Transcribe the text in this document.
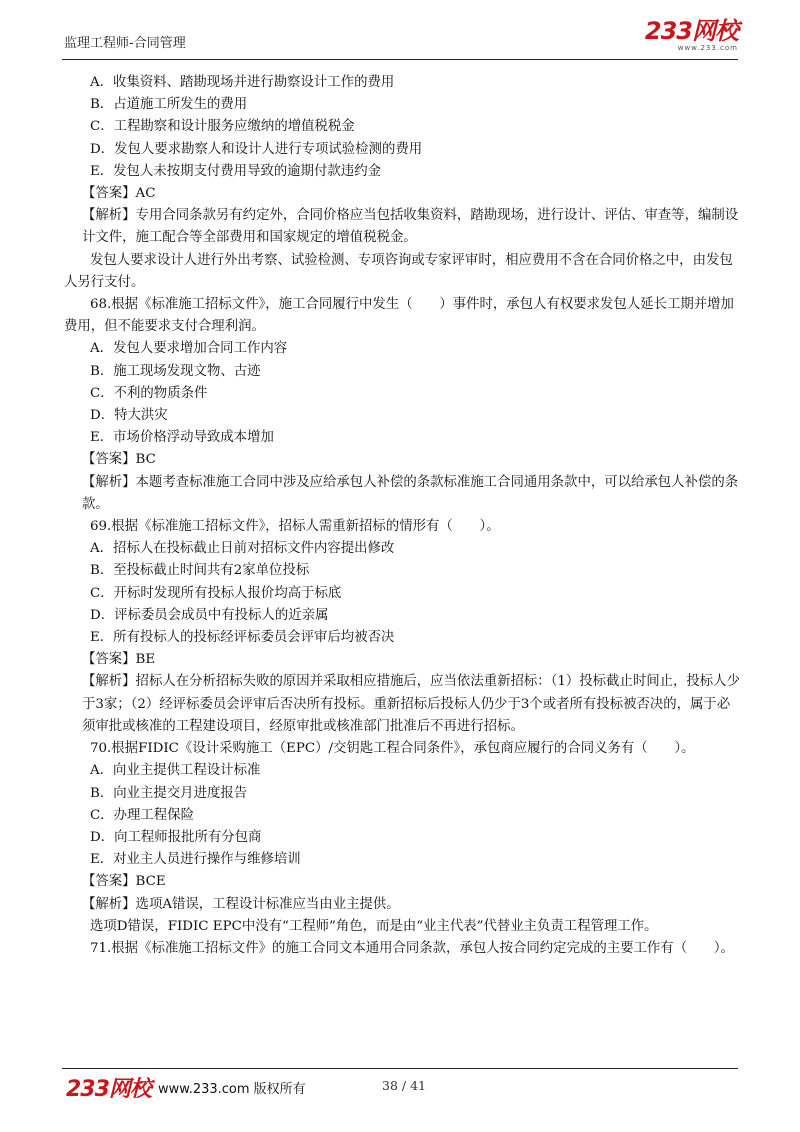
监理工程师-合同管理	233网校
www.233.com

A．收集资料、踏勘现场并进行勘察设计工作的费用

B．占道施工所发生的费用

C．工程勘察和设计服务应缴纳的增值税税金

D．发包人要求勘察人和设计人进行专项试验检测的费用

E．发包人未按期支付费用导致的逾期付款违约金

【答案】AC

【解析】专用合同条款另有约定外，合同价格应当包括收集资料，踏勘现场，进行设计、评估、审查等，编制设计文件，施工配合等全部费用和国家规定的增值税税金。

发包人要求设计人进行外出考察、试验检测、专项咨询或专家评审时，相应费用不含在合同价格之中，由发包人另行支付。

68.根据《标准施工招标文件》，施工合同履行中发生（　　）事件时，承包人有权要求发包人延长工期并增加费用，但不能要求支付合理利润。

A．发包人要求增加合同工作内容

B．施工现场发现文物、古迹

C．不利的物质条件

D．特大洪灾

E．市场价格浮动导致成本增加

【答案】BC

【解析】本题考查标准施工合同中涉及应给承包人补偿的条款标准施工合同通用条款中，可以给承包人补偿的条款。

69.根据《标准施工招标文件》，招标人需重新招标的情形有（　　）。

A．招标人在投标截止日前对招标文件内容提出修改

B．至投标截止时间共有2家单位投标

C．开标时发现所有投标人报价均高于标底

D．评标委员会成员中有投标人的近亲属

E．所有投标人的投标经评标委员会评审后均被否决

【答案】BE

【解析】招标人在分析招标失败的原因并采取相应措施后，应当依法重新招标：（1）投标截止时间止，投标人少于3家；（2）经评标委员会评审后否决所有投标。重新招标后投标人仍少于3个或者所有投标被否决的，属于必须审批或核准的工程建设项目，经原审批或核准部门批准后不再进行招标。

70.根据FIDIC《设计采购施工（EPC）/交钥匙工程合同条件》，承包商应履行的合同义务有（　　）。

A．向业主提供工程设计标准

B．向业主提交月进度报告

C．办理工程保险

D．向工程师报批所有分包商

E．对业主人员进行操作与维修培训

【答案】BCE

【解析】选项A错误，工程设计标准应当由业主提供。

选项D错误，FIDIC EPC中没有“工程师”角色，而是由“业主代表”代替业主负责工程管理工作。

71.根据《标准施工招标文件》的施工合同文本通用合同条款，承包人按合同约定完成的主要工作有（　　）。

233网校 www.233.com 版权所有	38 / 41
